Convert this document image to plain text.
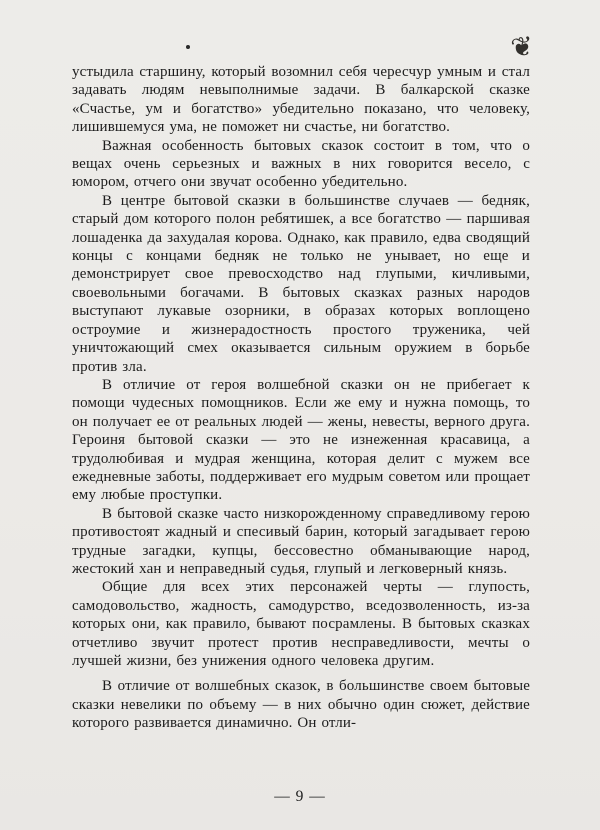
❦

устыдила старшину, который возомнил себя чересчур умным и стал задавать людям невыполнимые задачи. В балкарской сказке «Счастье, ум и богатство» убедительно показано, что человеку, лишившемуся ума, не поможет ни счастье, ни богатство.

Важная особенность бытовых сказок состоит в том, что о вещах очень серьезных и важных в них говорится весело, с юмором, отчего они звучат особенно убедительно.

В центре бытовой сказки в большинстве случаев — бедняк, старый дом которого полон ребятишек, а все богатство — паршивая лошаденка да захудалая корова. Однако, как правило, едва сводящий концы с концами бедняк не только не унывает, но еще и демонстрирует свое превосходство над глупыми, кичливыми, своевольными богачами. В бытовых сказках разных народов выступают лукавые озорники, в образах которых воплощено остроумие и жизнерадостность простого труженика, чей уничтожающий смех оказывается сильным оружием в борьбе против зла.

В отличие от героя волшебной сказки он не прибегает к помощи чудесных помощников. Если же ему и нужна помощь, то он получает ее от реальных людей — жены, невесты, верного друга. Героиня бытовой сказки — это не изнеженная красавица, а трудолюбивая и мудрая женщина, которая делит с мужем все ежедневные заботы, поддерживает его мудрым советом или прощает ему любые проступки.

В бытовой сказке часто низкорожденному справедливому герою противостоят жадный и спесивый барин, который загадывает герою трудные загадки, купцы, бессовестно обманывающие народ, жестокий хан и неправедный судья, глупый и легковерный князь.

Общие для всех этих персонажей черты — глупость, самодовольство, жадность, самодурство, вседозволенность, из-за которых они, как правило, бывают посрамлены. В бытовых сказках отчетливо звучит протест против несправедливости, мечты о лучшей жизни, без унижения одного человека другим.

В отличие от волшебных сказок, в большинстве своем бытовые сказки невелики по объему — в них обычно один сюжет, действие которого развивается динамично. Он отли-

— 9 —
